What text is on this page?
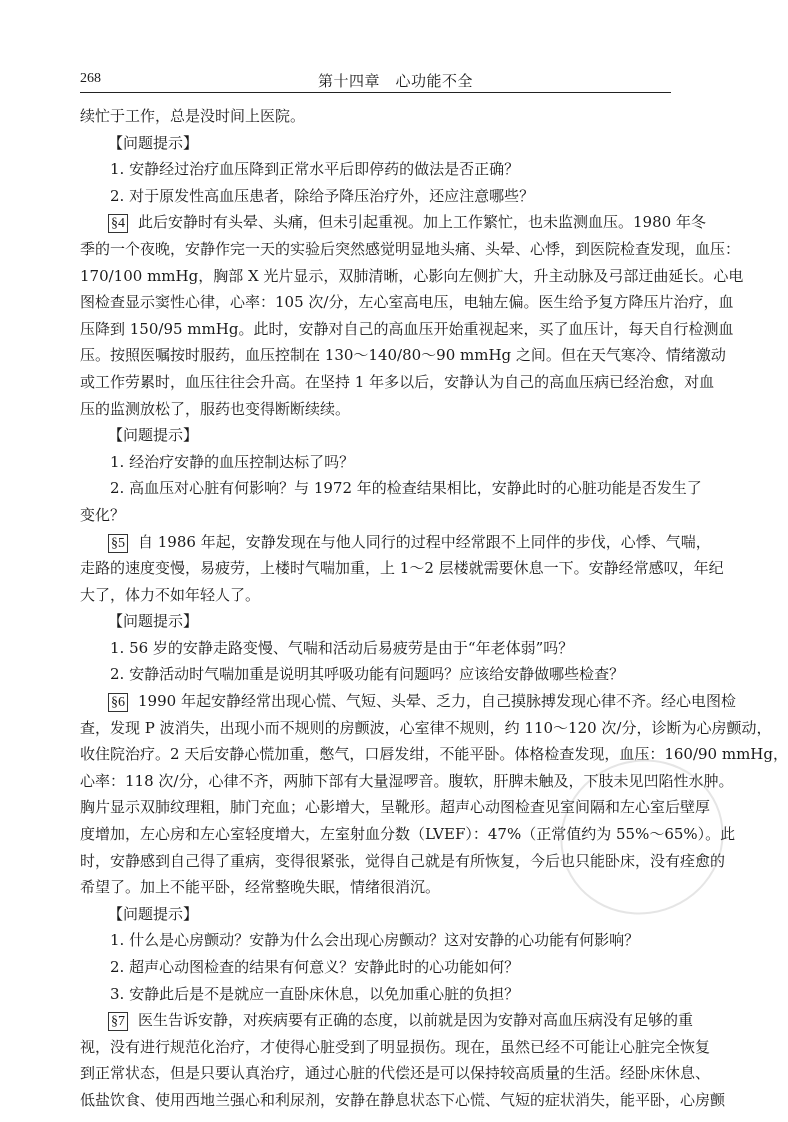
268	第十四章　心功能不全
续忙于工作，总是没时间上医院。
【问题提示】
1. 安静经过治疗血压降到正常水平后即停药的做法是否正确？
2. 对于原发性高血压患者，除给予降压治疗外，还应注意哪些？
§4 此后安静时有头晕、头痛，但未引起重视。加上工作繁忙，也未监测血压。1980 年冬
季的一个夜晚，安静作完一天的实验后突然感觉明显地头痛、头晕、心悸，到医院检查发现，血压：
170/100 mmHg，胸部 X 光片显示，双肺清晰，心影向左侧扩大，升主动脉及弓部迂曲延长。心电
图检查显示窦性心律，心率：105 次/分，左心室高电压，电轴左偏。医生给予复方降压片治疗，血
压降到 150/95 mmHg。此时，安静对自己的高血压开始重视起来，买了血压计，每天自行检测血
压。按照医嘱按时服药，血压控制在 130～140/80～90 mmHg 之间。但在天气寒冷、情绪激动
或工作劳累时，血压往往会升高。在坚持 1 年多以后，安静认为自己的高血压病已经治愈，对血
压的监测放松了，服药也变得断断续续。
【问题提示】
1. 经治疗安静的血压控制达标了吗？
2. 高血压对心脏有何影响？与 1972 年的检查结果相比，安静此时的心脏功能是否发生了
变化？
§5 自 1986 年起，安静发现在与他人同行的过程中经常跟不上同伴的步伐，心悸、气喘，
走路的速度变慢，易疲劳，上楼时气喘加重，上 1～2 层楼就需要休息一下。安静经常感叹，年纪
大了，体力不如年轻人了。
【问题提示】
1. 56 岁的安静走路变慢、气喘和活动后易疲劳是由于“年老体弱”吗？
2. 安静活动时气喘加重是说明其呼吸功能有问题吗？应该给安静做哪些检查？
§6 1990 年起安静经常出现心慌、气短、头晕、乏力，自己摸脉搏发现心律不齐。经心电图检
查，发现 P 波消失，出现小而不规则的房颤波，心室律不规则，约 110～120 次/分，诊断为心房颤动，
收住院治疗。2 天后安静心慌加重，憋气，口唇发绀，不能平卧。体格检查发现，血压：160/90 mmHg，
心率：118 次/分，心律不齐，两肺下部有大量湿啰音。腹软，肝脾未触及，下肢未见凹陷性水肿。
胸片显示双肺纹理粗，肺门充血；心影增大，呈靴形。超声心动图检查见室间隔和左心室后壁厚
度增加，左心房和左心室轻度增大，左室射血分数（LVEF）：47%（正常值约为 55%～65%）。此
时，安静感到自己得了重病，变得很紧张，觉得自己就是有所恢复，今后也只能卧床，没有痊愈的
希望了。加上不能平卧，经常整晚失眠，情绪很消沉。
【问题提示】
1. 什么是心房颤动？安静为什么会出现心房颤动？这对安静的心功能有何影响？
2. 超声心动图检查的结果有何意义？安静此时的心功能如何？
3. 安静此后是不是就应一直卧床休息，以免加重心脏的负担？
§7 医生告诉安静，对疾病要有正确的态度，以前就是因为安静对高血压病没有足够的重
视，没有进行规范化治疗，才使得心脏受到了明显损伤。现在，虽然已经不可能让心脏完全恢复
到正常状态，但是只要认真治疗，通过心脏的代偿还是可以保持较高质量的生活。经卧床休息、
低盐饮食、使用西地兰强心和利尿剂，安静在静息状态下心慌、气短的症状消失，能平卧，心房颤
